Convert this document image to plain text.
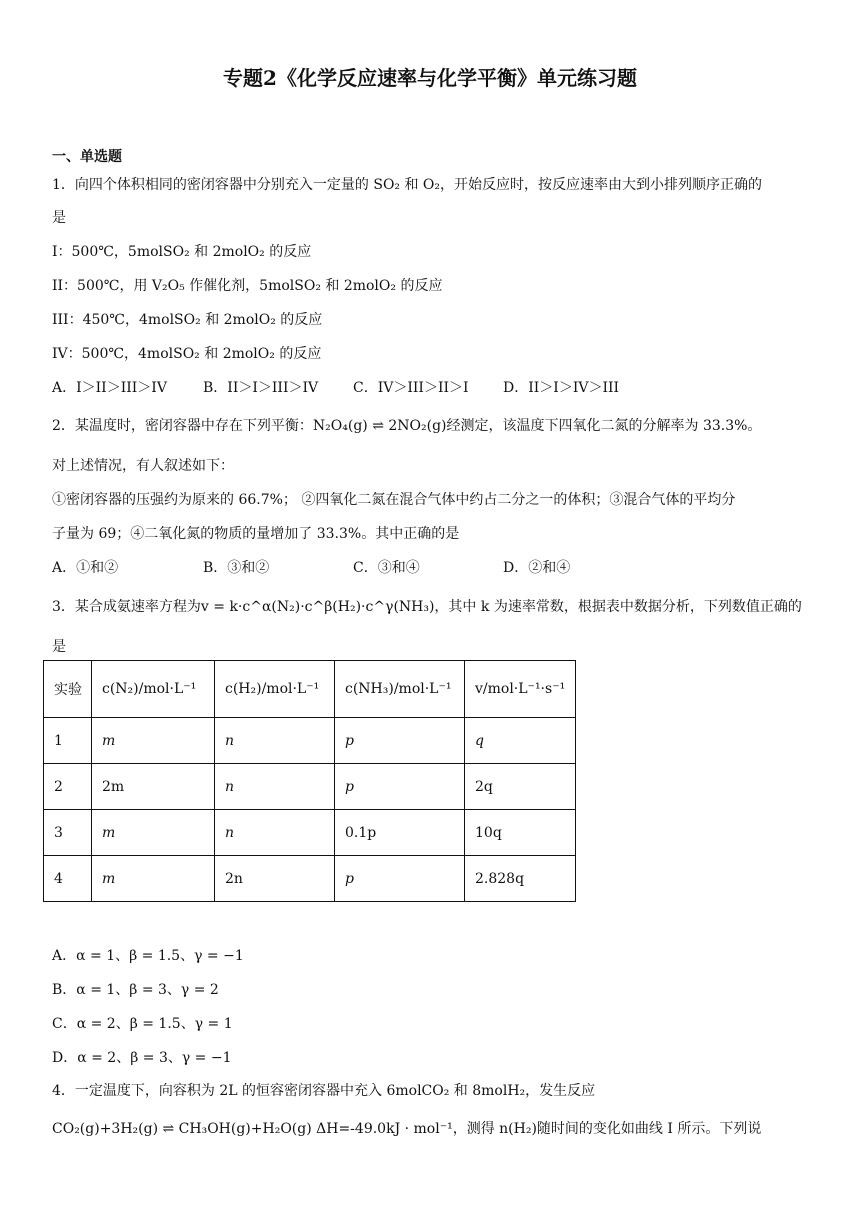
专题2《化学反应速率与化学平衡》单元练习题
一、单选题
1．向四个体积相同的密闭容器中分别充入一定量的 SO₂ 和 O₂，开始反应时，按反应速率由大到小排列顺序正确的
是
I：500℃，5molSO₂ 和 2molO₂ 的反应
II：500℃，用 V₂O₅ 作催化剂，5molSO₂ 和 2molO₂ 的反应
III：450℃，4molSO₂ 和 2molO₂ 的反应
IV：500℃，4molSO₂ 和 2molO₂ 的反应
A．I＞II＞III＞IV	B．II＞I＞III＞IV C．IV＞III＞II＞I D．II＞I＞IV＞III
2．某温度时，密闭容器中存在下列平衡：N₂O₄(g) ⇌ 2NO₂(g)经测定，该温度下四氧化二氮的分解率为 33.3%。
对上述情况，有人叙述如下：
①密闭容器的压强约为原来的 66.7%； ②四氧化二氮在混合气体中约占二分之一的体积；③混合气体的平均分
子量为 69；④二氧化氮的物质的量增加了 33.3%。其中正确的是
A．①和②	B．③和②	C．③和④	D．②和④
3．某合成氨速率方程为v = k·c^α(N₂)·c^β(H₂)·c^γ(NH₃)，其中 k 为速率常数，根据表中数据分析，下列数值正确的
是
实验	c(N₂)/mol·L⁻¹	c(H₂)/mol·L⁻¹	c(NH₃)/mol·L⁻¹	v/mol·L⁻¹·s⁻¹
1	m	n	p	q
2	2m	n	p	2q
3	m	n	0.1p	10q
4	m	2n	p	2.828q
A．α = 1、β = 1.5、γ = −1
B．α = 1、β = 3、γ = 2
C．α = 2、β = 1.5、γ = 1
D．α = 2、β = 3、γ = −1
4．一定温度下，向容积为 2L 的恒容密闭容器中充入 6molCO₂ 和 8molH₂，发生反应
CO₂(g)+3H₂(g) ⇌ CH₃OH(g)+H₂O(g) ΔH=-49.0kJ · mol⁻¹，测得 n(H₂)随时间的变化如曲线 I 所示。下列说
